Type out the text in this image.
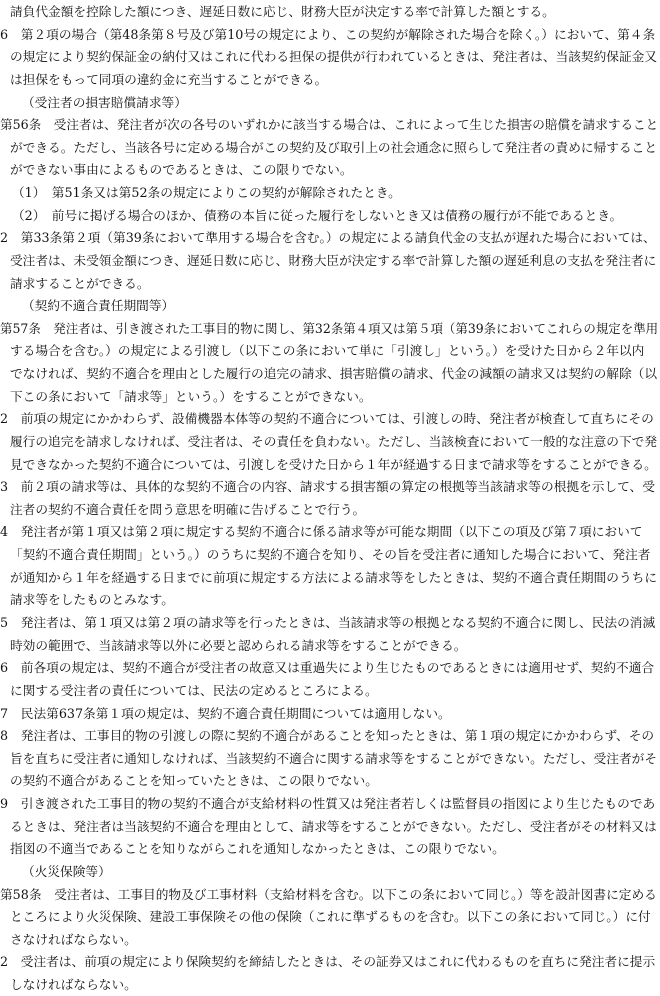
請負代金額を控除した額につき、遅延日数に応じ、財務大臣が決定する率で計算した額とする。
6　第２項の場合（第48条第８号及び第10号の規定により、この契約が解除された場合を除く。）において、第４条
の規定により契約保証金の納付又はこれに代わる担保の提供が行われているときは、発注者は、当該契約保証金又
は担保をもって同項の違約金に充当することができる。
（受注者の損害賠償請求等）
第56条　受注者は、発注者が次の各号のいずれかに該当する場合は、これによって生じた損害の賠償を請求すること
ができる。ただし、当該各号に定める場合がこの契約及び取引上の社会通念に照らして発注者の責めに帰すること
ができない事由によるものであるときは、この限りでない。
（1）　第51条又は第52条の規定によりこの契約が解除されたとき。
（2）　前号に掲げる場合のほか、債務の本旨に従った履行をしないとき又は債務の履行が不能であるとき。
2　第33条第２項（第39条において準用する場合を含む。）の規定による請負代金の支払が遅れた場合においては、
受注者は、未受領金額につき、遅延日数に応じ、財務大臣が決定する率で計算した額の遅延利息の支払を発注者に
請求することができる。
（契約不適合責任期間等）
第57条　発注者は、引き渡された工事目的物に関し、第32条第４項又は第５項（第39条においてこれらの規定を準用
する場合を含む。）の規定による引渡し（以下この条において単に「引渡し」という。）を受けた日から２年以内
でなければ、契約不適合を理由とした履行の追完の請求、損害賠償の請求、代金の減額の請求又は契約の解除（以
下この条において「請求等」という。）をすることができない。
2　前項の規定にかかわらず、設備機器本体等の契約不適合については、引渡しの時、発注者が検査して直ちにその
履行の追完を請求しなければ、受注者は、その責任を負わない。ただし、当該検査において一般的な注意の下で発
見できなかった契約不適合については、引渡しを受けた日から１年が経過する日まで請求等をすることができる。
3　前２項の請求等は、具体的な契約不適合の内容、請求する損害額の算定の根拠等当該請求等の根拠を示して、受
注者の契約不適合責任を問う意思を明確に告げることで行う。
4　発注者が第１項又は第２項に規定する契約不適合に係る請求等が可能な期間（以下この項及び第７項において
「契約不適合責任期間」という。）のうちに契約不適合を知り、その旨を受注者に通知した場合において、発注者
が通知から１年を経過する日までに前項に規定する方法による請求等をしたときは、契約不適合責任期間のうちに
請求等をしたものとみなす。
5　発注者は、第１項又は第２項の請求等を行ったときは、当該請求等の根拠となる契約不適合に関し、民法の消滅
時効の範囲で、当該請求等以外に必要と認められる請求等をすることができる。
6　前各項の規定は、契約不適合が受注者の故意又は重過失により生じたものであるときには適用せず、契約不適合
に関する受注者の責任については、民法の定めるところによる。
7　民法第637条第１項の規定は、契約不適合責任期間については適用しない。
8　発注者は、工事目的物の引渡しの際に契約不適合があることを知ったときは、第１項の規定にかかわらず、その
旨を直ちに受注者に通知しなければ、当該契約不適合に関する請求等をすることができない。ただし、受注者がそ
の契約不適合があることを知っていたときは、この限りでない。
9　引き渡された工事目的物の契約不適合が支給材料の性質又は発注者若しくは監督員の指図により生じたものであ
るときは、発注者は当該契約不適合を理由として、請求等をすることができない。ただし、受注者がその材料又は
指図の不適当であることを知りながらこれを通知しなかったときは、この限りでない。
（火災保険等）
第58条　受注者は、工事目的物及び工事材料（支給材料を含む。以下この条において同じ。）等を設計図書に定める
ところにより火災保険、建設工事保険その他の保険（これに準ずるものを含む。以下この条において同じ。）に付
さなければならない。
2　受注者は、前項の規定により保険契約を締結したときは、その証券又はこれに代わるものを直ちに発注者に提示
しなければならない。
